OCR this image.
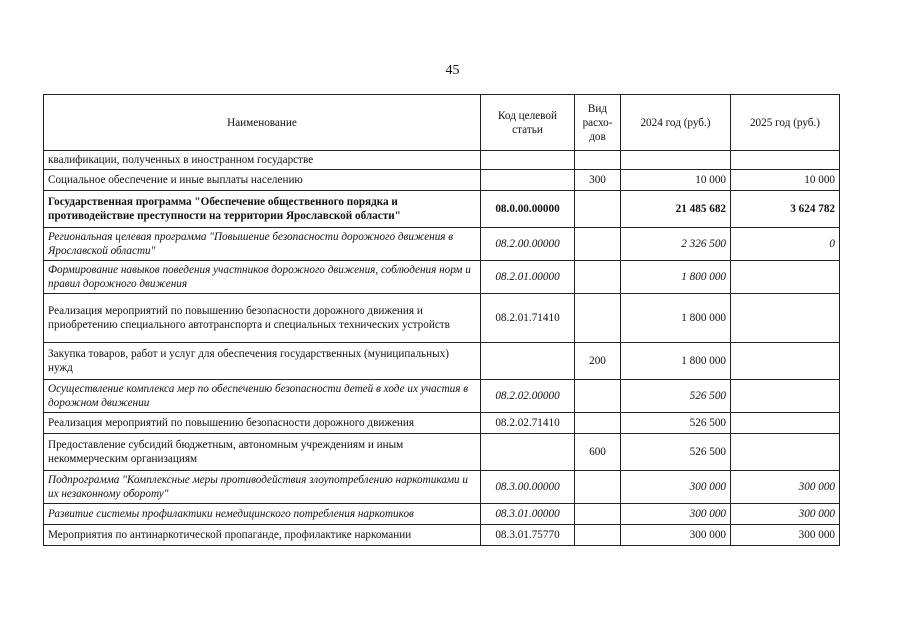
45
Наименование	Код целевой статьи	Вид расхо-дов	2024 год (руб.)	2025 год (руб.)
квалификации, полученных в иностранном государстве				
Социальное обеспечение и иные выплаты населению		300	10 000	10 000
Государственная программа "Обеспечение общественного порядка и противодействие преступности на территории Ярославской области"	08.0.00.00000		21 485 682	3 624 782
Региональная целевая программа "Повышение безопасности дорожного движения в Ярославской области"	08.2.00.00000		2 326 500	0
Формирование навыков поведения участников дорожного движения, соблюдения норм и правил дорожного движения	08.2.01.00000		1 800 000	
Реализация мероприятий по повышению безопасности дорожного движения и приобретению специального автотранспорта и специальных технических устройств	08.2.01.71410		1 800 000	
Закупка товаров, работ и услуг для обеспечения государственных (муниципальных) нужд		200	1 800 000	
Осуществление комплекса мер по обеспечению безопасности детей в ходе их участия в дорожном движении	08.2.02.00000		526 500	
Реализация мероприятий по повышению безопасности дорожного движения	08.2.02.71410		526 500	
Предоставление субсидий бюджетным, автономным учреждениям и иным некоммерческим организациям		600	526 500	
Подпрограмма "Комплексные меры противодействия злоупотреблению наркотиками и их незаконному обороту"	08.3.00.00000		300 000	300 000
Развитие системы профилактики немедицинского потребления наркотиков	08.3.01.00000		300 000	300 000
Мероприятия по антинаркотической пропаганде, профилактике наркомании	08.3.01.75770		300 000	300 000
